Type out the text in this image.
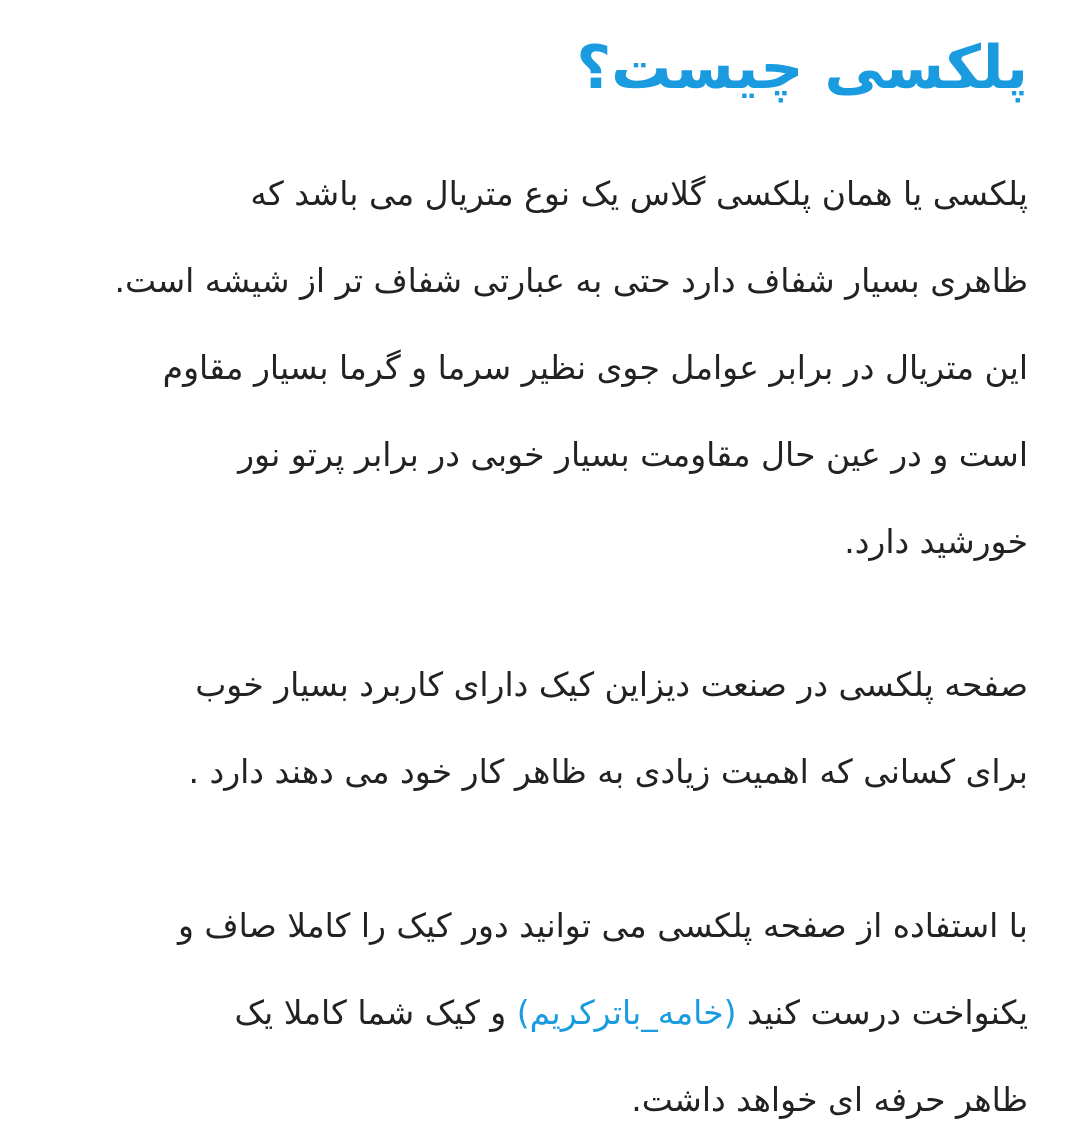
پلکسی چیست؟

پلکسی یا همان پلکسی گلاس یک نوع متریال می باشد که
ظاهری بسیار شفاف دارد حتی به عبارتی شفاف تر از شیشه است.
این متریال در برابر عوامل جوی نظیر سرما و گرما بسیار مقاوم
است و در عین حال مقاومت بسیار خوبی در برابر پرتو نور
خورشید دارد.

صفحه پلکسی در صنعت دیزاین کیک دارای کاربرد بسیار خوب
برای کسانی که اهمیت زیادی به ظاهر کار خود می دهند دارد .

با استفاده از صفحه پلکسی می توانید دور کیک را کاملا صاف و
یکنواخت درست کنید (خامه_باترکریم) و کیک شما کاملا یک
ظاهر حرفه ای خواهد داشت.
